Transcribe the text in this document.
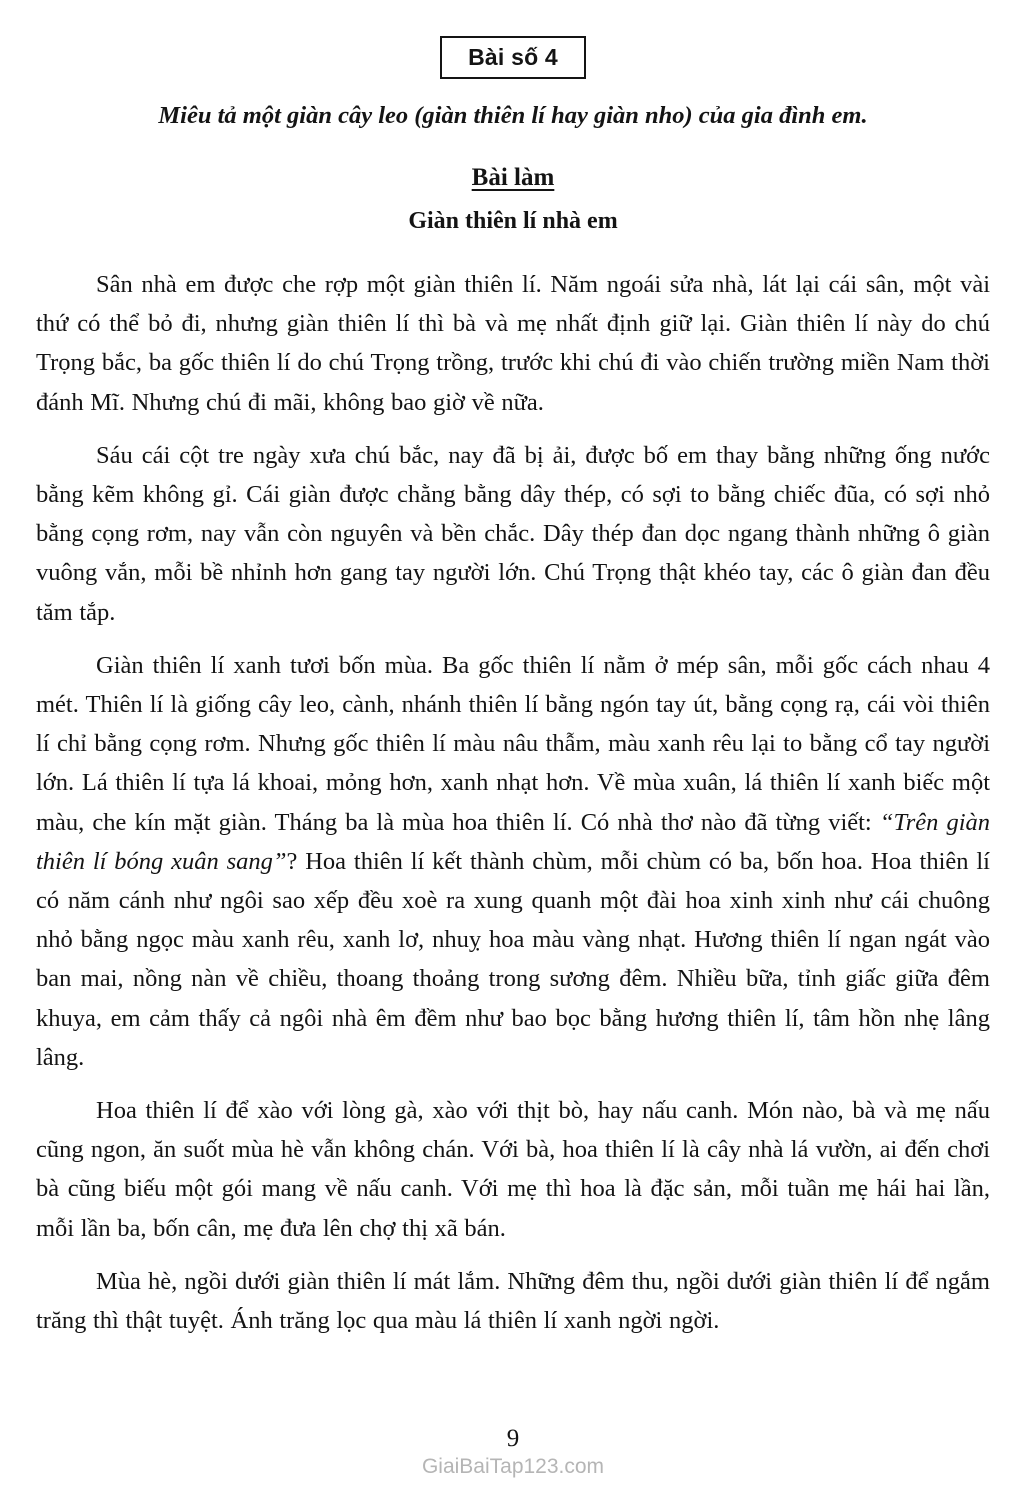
Bài số 4
Miêu tả một giàn cây leo (giàn thiên lí hay giàn nho) của gia đình em.
Bài làm
Giàn thiên lí nhà em

Sân nhà em được che rợp một giàn thiên lí. Năm ngoái sửa nhà, lát lại cái sân, một vài thứ có thể bỏ đi, nhưng giàn thiên lí thì bà và mẹ nhất định giữ lại. Giàn thiên lí này do chú Trọng bắc, ba gốc thiên lí do chú Trọng trồng, trước khi chú đi vào chiến trường miền Nam thời đánh Mĩ. Nhưng chú đi mãi, không bao giờ về nữa.

Sáu cái cột tre ngày xưa chú bắc, nay đã bị ải, được bố em thay bằng những ống nước bằng kẽm không gỉ. Cái giàn được chằng bằng dây thép, có sợi to bằng chiếc đũa, có sợi nhỏ bằng cọng rơm, nay vẫn còn nguyên và bền chắc. Dây thép đan dọc ngang thành những ô giàn vuông vắn, mỗi bề nhỉnh hơn gang tay người lớn. Chú Trọng thật khéo tay, các ô giàn đan đều tăm tắp.

Giàn thiên lí xanh tươi bốn mùa. Ba gốc thiên lí nằm ở mép sân, mỗi gốc cách nhau 4 mét. Thiên lí là giống cây leo, cành, nhánh thiên lí bằng ngón tay út, bằng cọng rạ, cái vòi thiên lí chỉ bằng cọng rơm. Nhưng gốc thiên lí màu nâu thẫm, màu xanh rêu lại to bằng cổ tay người lớn. Lá thiên lí tựa lá khoai, mỏng hơn, xanh nhạt hơn. Về mùa xuân, lá thiên lí xanh biếc một màu, che kín mặt giàn. Tháng ba là mùa hoa thiên lí. Có nhà thơ nào đã từng viết: “Trên giàn thiên lí bóng xuân sang”? Hoa thiên lí kết thành chùm, mỗi chùm có ba, bốn hoa. Hoa thiên lí có năm cánh như ngôi sao xếp đều xoè ra xung quanh một đài hoa xinh xinh như cái chuông nhỏ bằng ngọc màu xanh rêu, xanh lơ, nhuỵ hoa màu vàng nhạt. Hương thiên lí ngan ngát vào ban mai, nồng nàn về chiều, thoang thoảng trong sương đêm. Nhiều bữa, tỉnh giấc giữa đêm khuya, em cảm thấy cả ngôi nhà êm đềm như bao bọc bằng hương thiên lí, tâm hồn nhẹ lâng lâng.

Hoa thiên lí để xào với lòng gà, xào với thịt bò, hay nấu canh. Món nào, bà và mẹ nấu cũng ngon, ăn suốt mùa hè vẫn không chán. Với bà, hoa thiên lí là cây nhà lá vườn, ai đến chơi bà cũng biếu một gói mang về nấu canh. Với mẹ thì hoa là đặc sản, mỗi tuần mẹ hái hai lần, mỗi lần ba, bốn cân, mẹ đưa lên chợ thị xã bán.

Mùa hè, ngồi dưới giàn thiên lí mát lắm. Những đêm thu, ngồi dưới giàn thiên lí để ngắm trăng thì thật tuyệt. Ánh trăng lọc qua màu lá thiên lí xanh ngời ngời.

9
GiaiBaiTap123.com
